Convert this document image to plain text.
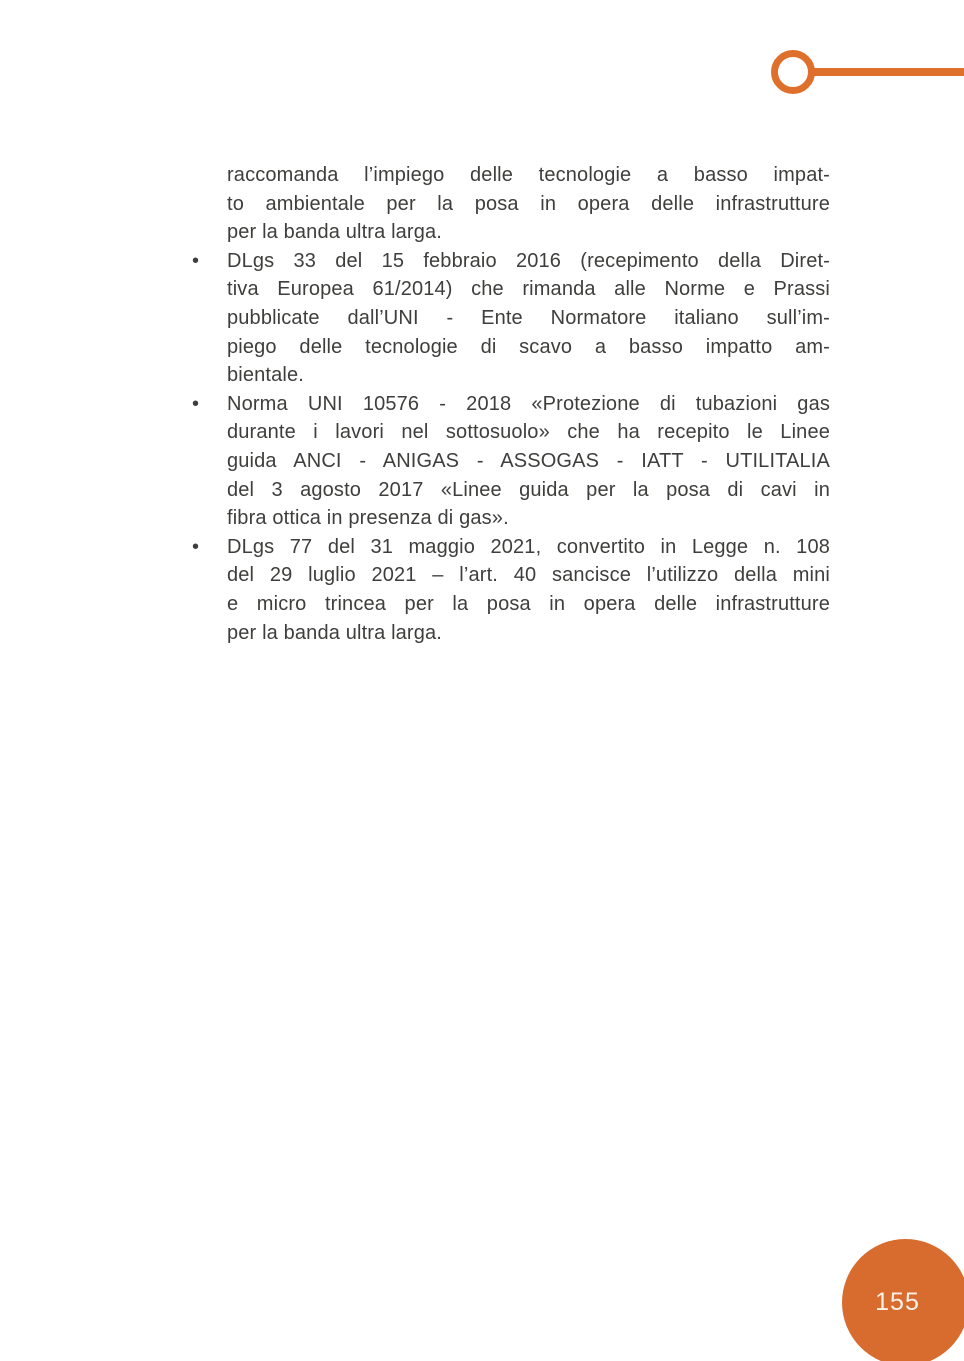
raccomanda l’impiego delle tecnologie a basso impat-
to ambientale per la posa in opera delle infrastrutture
per la banda ultra larga.
• DLgs 33 del 15 febbraio 2016 (recepimento della Diret-
tiva Europea 61/2014) che rimanda alle Norme e Prassi
pubblicate dall’UNI - Ente Normatore italiano sull’im-
piego delle tecnologie di scavo a basso impatto am-
bientale.
• Norma UNI 10576 - 2018 «Protezione di tubazioni gas
durante i lavori nel sottosuolo» che ha recepito le Linee
guida ANCI - ANIGAS - ASSOGAS - IATT - UTILITALIA
del 3 agosto 2017 «Linee guida per la posa di cavi in
fibra ottica in presenza di gas».
• DLgs 77 del 31 maggio 2021, convertito in Legge n. 108
del 29 luglio 2021 – l’art. 40 sancisce l’utilizzo della mini
e micro trincea per la posa in opera delle infrastrutture
per la banda ultra larga.
155
